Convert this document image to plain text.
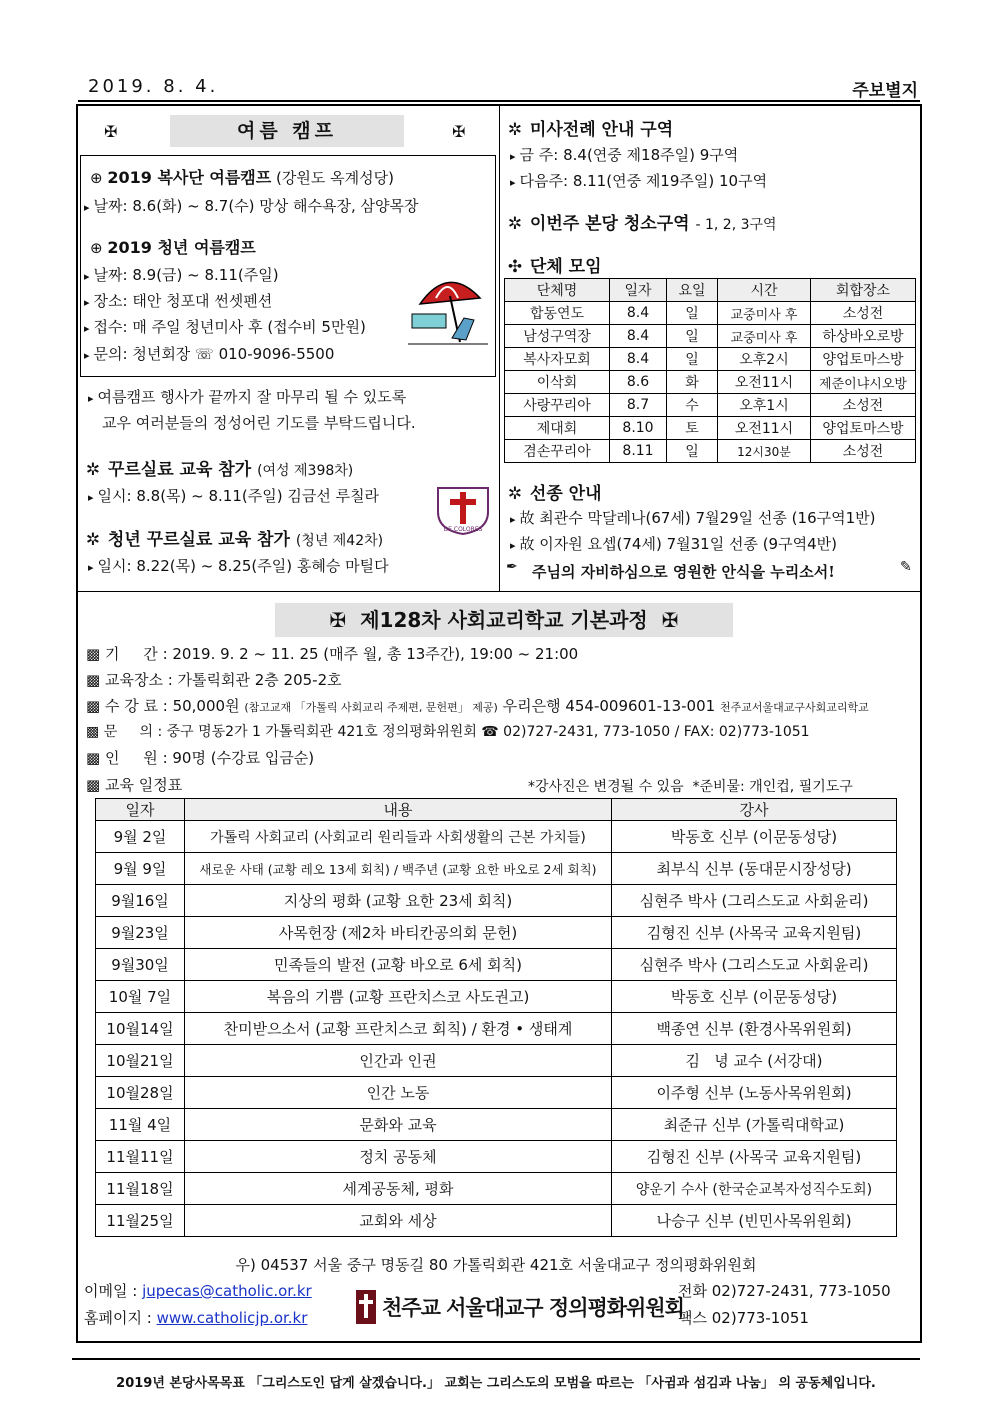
2019. 8. 4.	주보별지
✠	여름 캠프	✠
⊕ 2019 복사단 여름캠프 (강원도 옥계성당)
▸ 날짜: 8.6(화) ~ 8.7(수) 망상 해수욕장, 삼양목장
⊕ 2019 청년 여름캠프
▸ 날짜: 8.9(금) ~ 8.11(주일)
▸ 장소: 태안 청포대 썬셋펜션
▸ 접수: 매 주일 청년미사 후 (접수비 5만원)
▸ 문의: 청년회장 ☏ 010-9096-5500
▸ 여름캠프 행사가 끝까지 잘 마무리 될 수 있도록
교우 여러분들의 정성어린 기도를 부탁드립니다.
✲ 꾸르실료 교육 참가 (여성 제398차)
▸ 일시: 8.8(목) ~ 8.11(주일) 김금선 루칠라
✲ 청년 꾸르실료 교육 참가 (청년 제42차)
▸ 일시: 8.22(목) ~ 8.25(주일) 홍혜승 마틸다
DE COLORES
✲ 미사전례 안내 구역
▸ 금 주: 8.4(연중 제18주일) 9구역
▸ 다음주: 8.11(연중 제19주일) 10구역
✲ 이번주 본당 청소구역 - 1, 2, 3구역
✣ 단체 모임
단체명	일자	요일	시간	회합장소
합동연도	8.4	일	교중미사 후	소성전
남성구역장	8.4	일	교중미사 후	하상바오로방
복사자모회	8.4	일	오후2시	양업토마스방
이삭회	8.6	화	오전11시	제준이냐시오방
사랑꾸리아	8.7	수	오후1시	소성전
제대회	8.10	토	오전11시	양업토마스방
겸손꾸리아	8.11	일	12시30분	소성전
✲ 선종 안내
▸ 故 최관수 막달레나(67세) 7월29일 선종 (16구역1반)
▸ 故 이자원 요셉(74세) 7월31일 선종 (9구역4반)
✒ 주님의 자비하심으로 영원한 안식을 누리소서!	✎
✠ 제128차 사회교리학교 기본과정 ✠
▩ 기     간 : 2019. 9. 2 ~ 11. 25 (매주 월, 총 13주간), 19:00 ~ 21:00
▩ 교육장소 : 가톨릭회관 2층 205-2호
▩ 수 강 료 : 50,000원 (참고교재 「가톨릭 사회교리 주제편, 문헌편」 제공) 우리은행 454-009601-13-001 천주교서울대교구사회교리학교
▩ 문     의 : 중구 명동2가 1 가톨릭회관 421호 정의평화위원회 ☎ 02)727-2431, 773-1050 / FAX: 02)773-1051
▩ 인     원 : 90명 (수강료 입금순)
▩ 교육 일정표	*강사진은 변경될 수 있음  *준비물: 개인컵, 필기도구
일자	내용	강사
9월 2일	가톨릭 사회교리 (사회교리 원리들과 사회생활의 근본 가치들)	박동호 신부 (이문동성당)
9월 9일	새로운 사태 (교황 레오 13세 회칙) / 백주년 (교황 요한 바오로 2세 회칙)	최부식 신부 (동대문시장성당)
9월16일	지상의 평화 (교황 요한 23세 회칙)	심현주 박사 (그리스도교 사회윤리)
9월23일	사목헌장 (제2차 바티칸공의회 문헌)	김형진 신부 (사목국 교육지원팀)
9월30일	민족들의 발전 (교황 바오로 6세 회칙)	심현주 박사 (그리스도교 사회윤리)
10월 7일	복음의 기쁨 (교황 프란치스코 사도권고)	박동호 신부 (이문동성당)
10월14일	찬미받으소서 (교황 프란치스코 회칙) / 환경 • 생태계	백종연 신부 (환경사목위원회)
10월21일	인간과 인권	김   녕 교수 (서강대)
10월28일	인간 노동	이주형 신부 (노동사목위원회)
11월 4일	문화와 교육	최준규 신부 (가톨릭대학교)
11월11일	정치 공동체	김형진 신부 (사목국 교육지원팀)
11월18일	세계공동체, 평화	양운기 수사 (한국순교복자성직수도회)
11월25일	교회와 세상	나승구 신부 (빈민사목위원회)
우) 04537 서울 중구 명동길 80 가톨릭회관 421호 서울대교구 정의평화위원회
이메일 : jupecas@catholic.or.kr
홈페이지 : www.catholicjp.or.kr	천주교 서울대교구 정의평화위원회
전화 02)727-2431, 773-1050
팩스 02)773-1051
2019년 본당사목목표 「그리스도인 답게 살겠습니다.」 교회는 그리스도의 모범을 따르는 「사귐과 섬김과 나눔」 의 공동체입니다.
